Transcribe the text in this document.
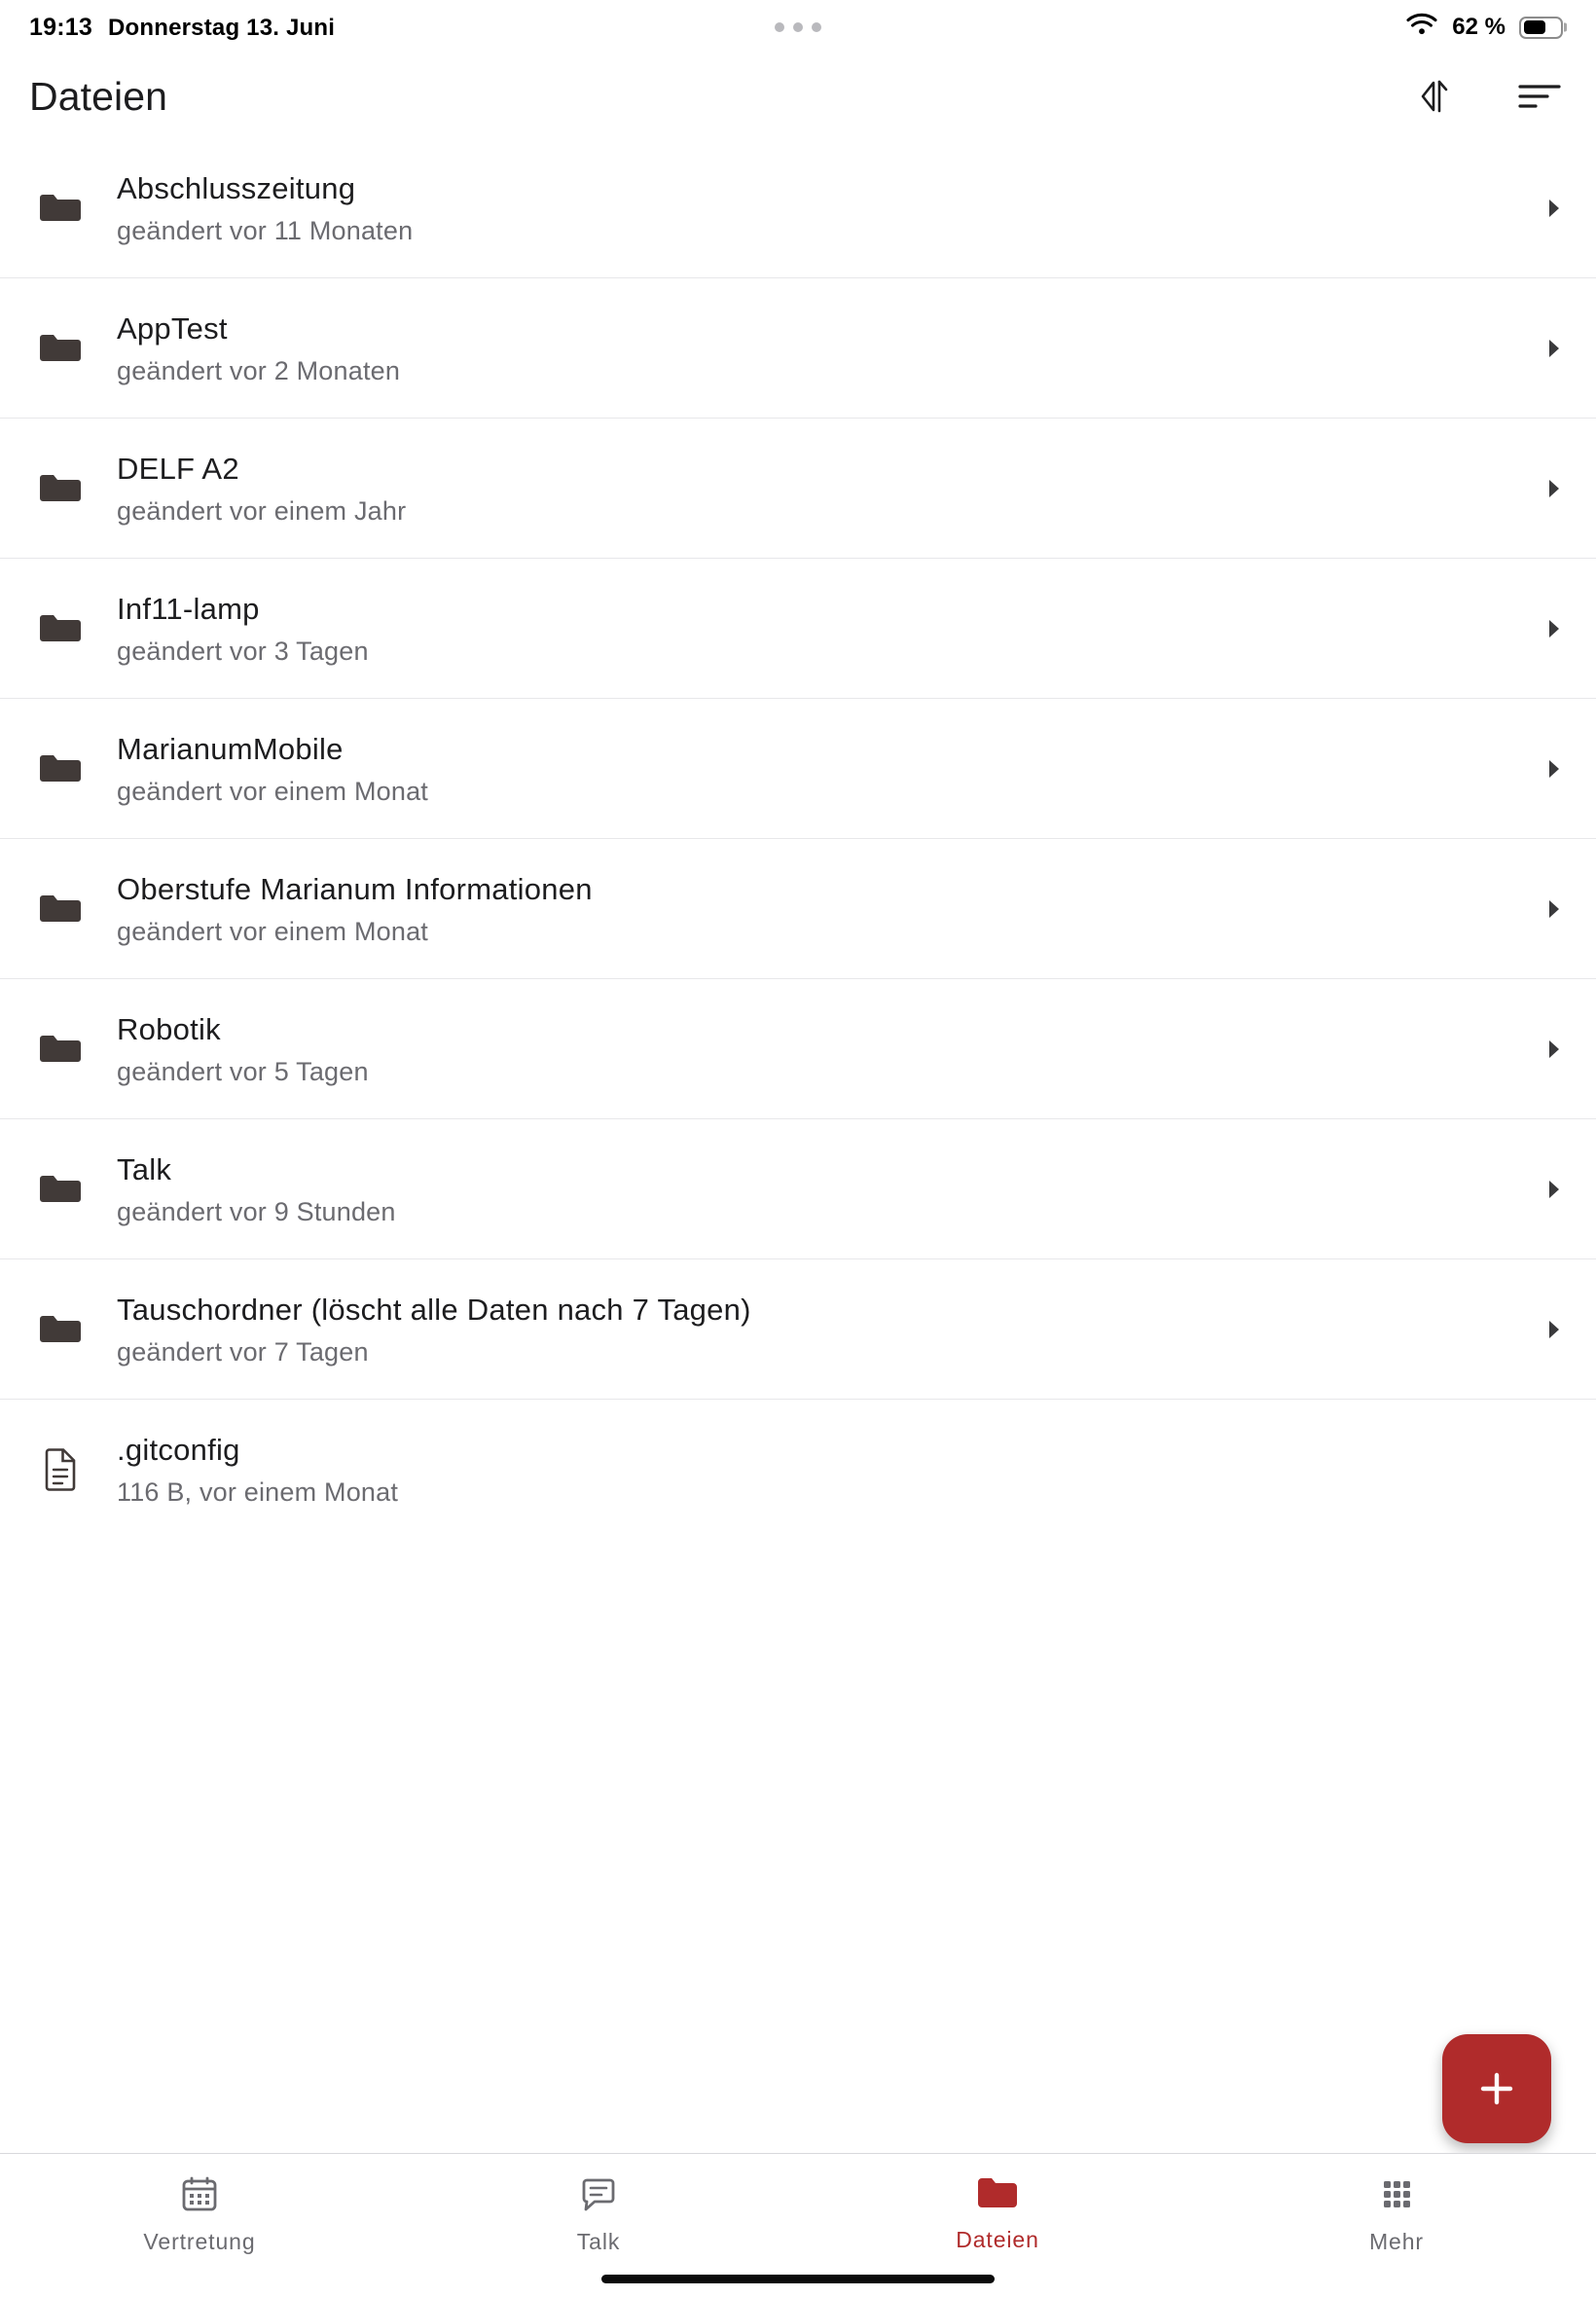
19:13 Donnerstag 13. Juni	62 %
Dateien
Abschlusszeitung
geändert vor 11 Monaten
AppTest
geändert vor 2 Monaten
DELF A2
geändert vor einem Jahr
Inf11-lamp
geändert vor 3 Tagen
MarianumMobile
geändert vor einem Monat
Oberstufe Marianum Informationen
geändert vor einem Monat
Robotik
geändert vor 5 Tagen
Talk
geändert vor 9 Stunden
Tauschordner (löscht alle Daten nach 7 Tagen)
geändert vor 7 Tagen
.gitconfig
116 B, vor einem Monat
Vertretung	Talk	Dateien	Mehr
